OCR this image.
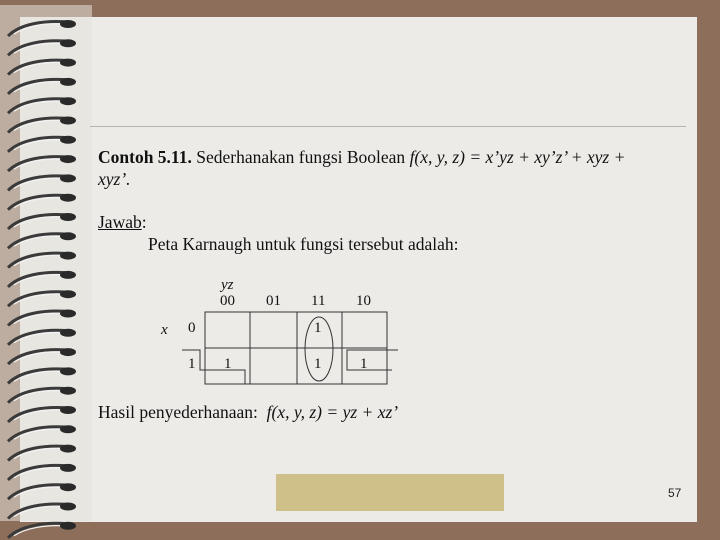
Contoh 5.11. Sederhanakan fungsi Boolean f(x, y, z) = x’yz + xy’z’ + xyz +
xyz’.
Jawab:
Peta Karnaugh untuk fungsi tersebut adalah:
yz
00 01 11 10
x 0
1
1
1	1	1
Hasil penyederhanaan: f(x, y, z) = yz + xz’
57
